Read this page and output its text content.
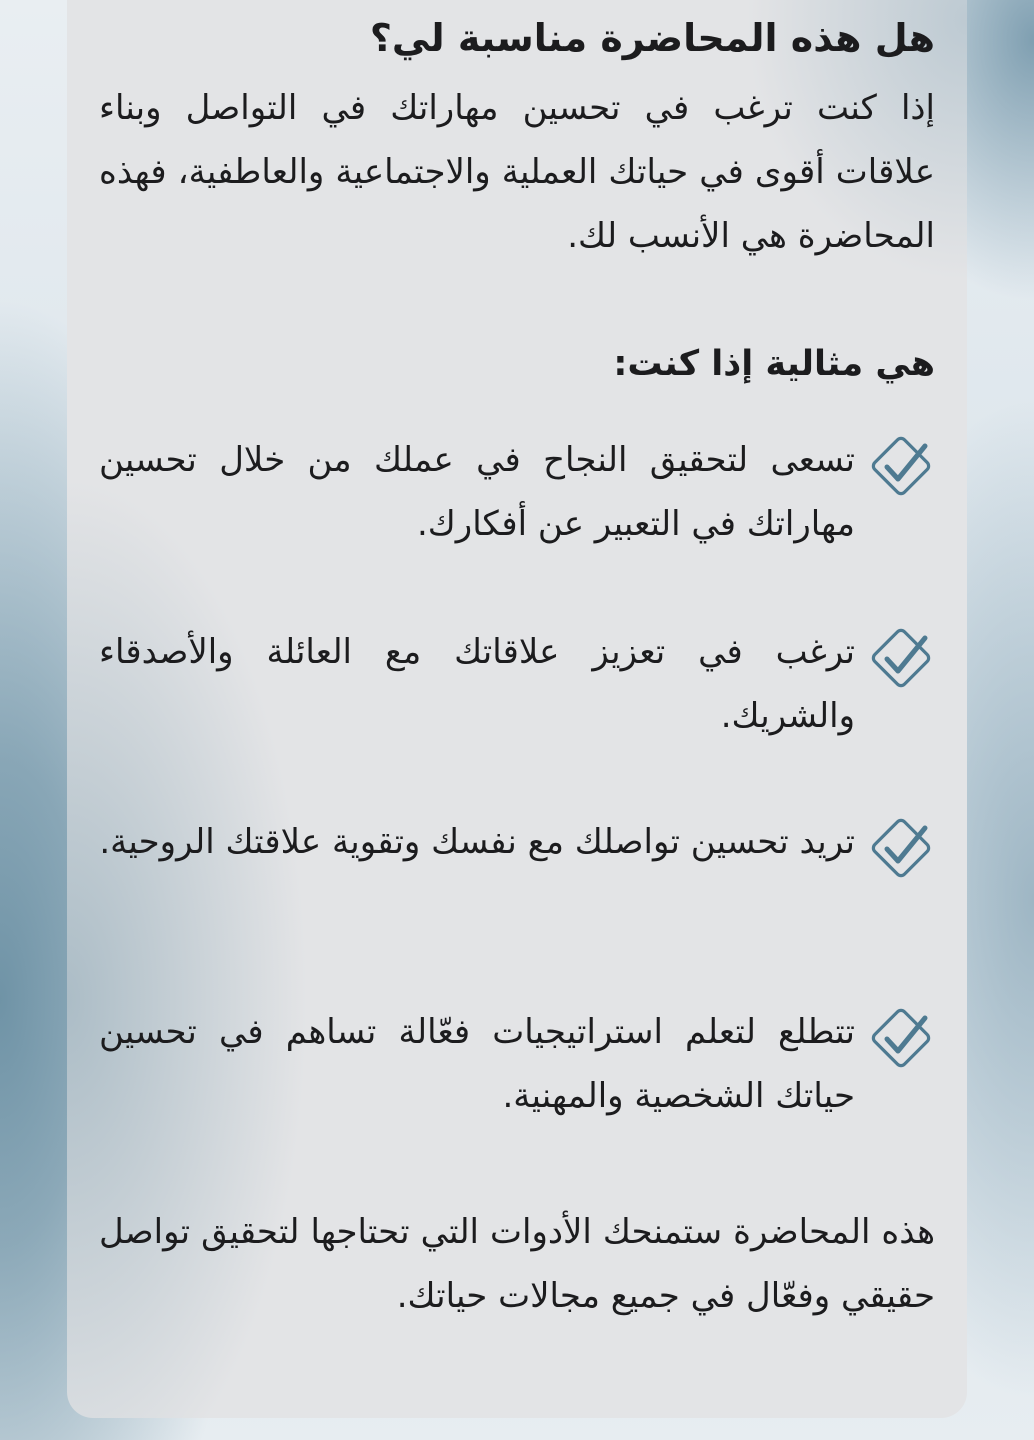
هل هذه المحاضرة مناسبة لي؟

إذا كنت ترغب في تحسين مهاراتك في التواصل وبناء علاقات أقوى في حياتك العملية والاجتماعية والعاطفية، فهذه المحاضرة هي الأنسب لك.

هي مثالية إذا كنت:

تسعى لتحقيق النجاح في عملك من خلال تحسين مهاراتك في التعبير عن أفكارك.

ترغب في تعزيز علاقاتك مع العائلة والأصدقاء والشريك.

تريد تحسين تواصلك مع نفسك وتقوية علاقتك الروحية.

تتطلع لتعلم استراتيجيات فعّالة تساهم في تحسين حياتك الشخصية والمهنية.

هذه المحاضرة ستمنحك الأدوات التي تحتاجها لتحقيق تواصل حقيقي وفعّال في جميع مجالات حياتك.
